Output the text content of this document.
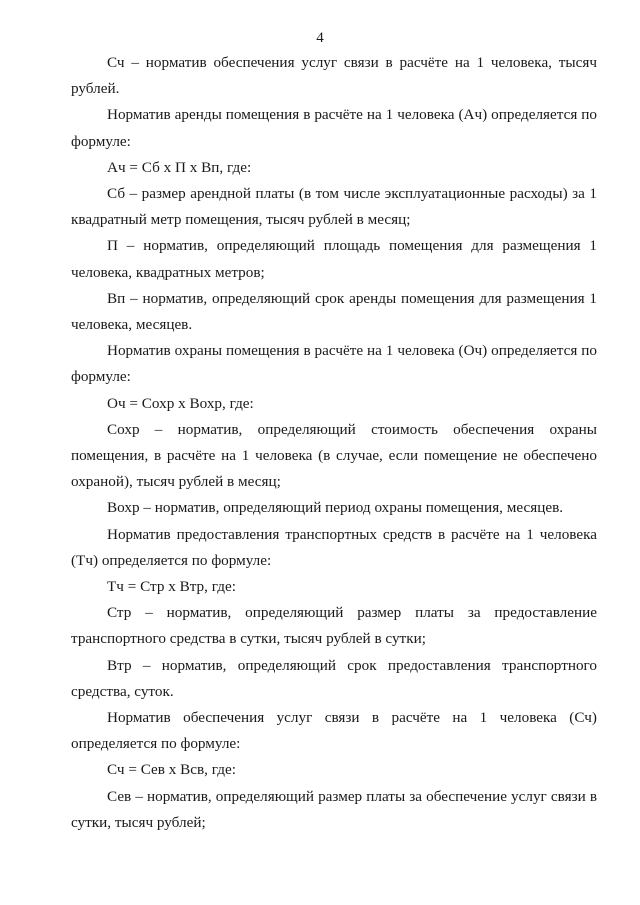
4

Сч – норматив обеспечения услуг связи в расчёте на 1 человека, тысяч рублей.

Норматив аренды помещения в расчёте на 1 человека (Ач) определяется по формуле:

Ач = Сб х П х Вп, где:

Сб – размер арендной платы (в том числе эксплуатационные расходы) за 1 квадратный метр помещения, тысяч рублей в месяц;

П – норматив, определяющий площадь помещения для размещения 1 человека, квадратных метров;

Вп – норматив, определяющий срок аренды помещения для размещения 1 человека, месяцев.

Норматив охраны помещения в расчёте на 1 человека (Оч) определяется по формуле:

Оч = Сохр х Вохр, где:

Сохр – норматив, определяющий стоимость обеспечения охраны помещения, в расчёте на 1 человека (в случае, если помещение не обеспечено охраной), тысяч рублей в месяц;

Вохр – норматив, определяющий период охраны помещения, месяцев.

Норматив предоставления транспортных средств в расчёте на 1 человека (Тч) определяется по формуле:

Тч = Стр х Втр, где:

Стр – норматив, определяющий размер платы за предоставление транспортного средства в сутки, тысяч рублей в сутки;

Втр – норматив, определяющий срок предоставления транспортного средства, суток.

Норматив обеспечения услуг связи в расчёте на 1 человека (Сч) определяется по формуле:

Сч = Сев х Всв, где:

Сев – норматив, определяющий размер платы за обеспечение услуг связи в сутки, тысяч рублей;
